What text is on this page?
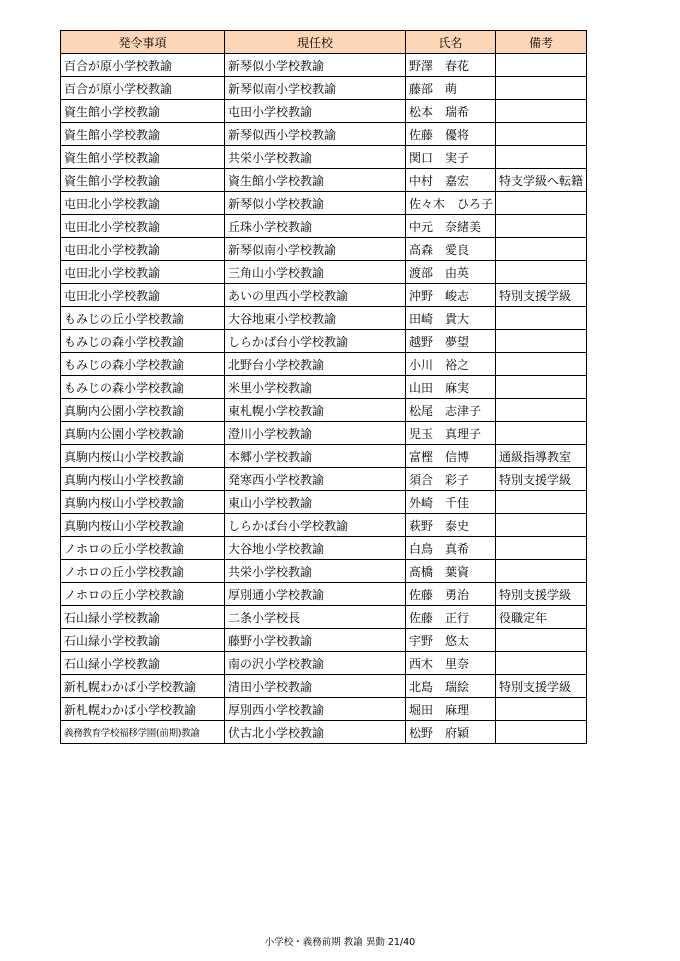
発令事項	現任校	氏名	備考
百合が原小学校教諭	新琴似小学校教諭	野澤　春花	
百合が原小学校教諭	新琴似南小学校教諭	藤部　萌	
資生館小学校教諭	屯田小学校教諭	松本　瑞希	
資生館小学校教諭	新琴似西小学校教諭	佐藤　優将	
資生館小学校教諭	共栄小学校教諭	関口　実子	
資生館小学校教諭	資生館小学校教諭	中村　嘉宏	特支学級へ転籍
屯田北小学校教諭	新琴似小学校教諭	佐々木　ひろ子	
屯田北小学校教諭	丘珠小学校教諭	中元　奈緒美	
屯田北小学校教諭	新琴似南小学校教諭	高森　愛良	
屯田北小学校教諭	三角山小学校教諭	渡部　由英	
屯田北小学校教諭	あいの里西小学校教諭	沖野　峻志	特別支援学級
もみじの丘小学校教諭	大谷地東小学校教諭	田崎　貴大	
もみじの森小学校教諭	しらかば台小学校教諭	越野　夢望	
もみじの森小学校教諭	北野台小学校教諭	小川　裕之	
もみじの森小学校教諭	米里小学校教諭	山田　麻実	
真駒内公園小学校教諭	東札幌小学校教諭	松尾　志津子	
真駒内公園小学校教諭	澄川小学校教諭	児玉　真理子	
真駒内桜山小学校教諭	本郷小学校教諭	富樫　信博	通級指導教室
真駒内桜山小学校教諭	発寒西小学校教諭	須合　彩子	特別支援学級
真駒内桜山小学校教諭	東山小学校教諭	外崎　千佳	
真駒内桜山小学校教諭	しらかば台小学校教諭	萩野　泰史	
ノホロの丘小学校教諭	大谷地小学校教諭	白鳥　真希	
ノホロの丘小学校教諭	共栄小学校教諭	髙橋　葉資	
ノホロの丘小学校教諭	厚別通小学校教諭	佐藤　勇治	特別支援学級
石山緑小学校教諭	二条小学校長	佐藤　正行	役職定年
石山緑小学校教諭	藤野小学校教諭	宇野　悠太	
石山緑小学校教諭	南の沢小学校教諭	西木　里奈	
新札幌わかば小学校教諭	清田小学校教諭	北島　瑞絵	特別支援学級
新札幌わかば小学校教諭	厚別西小学校教諭	堀田　麻理	
義務教育学校福移学園(前期)教諭	伏古北小学校教諭	松野　府穎	
小学校・義務前期 教諭 異動 21/40
